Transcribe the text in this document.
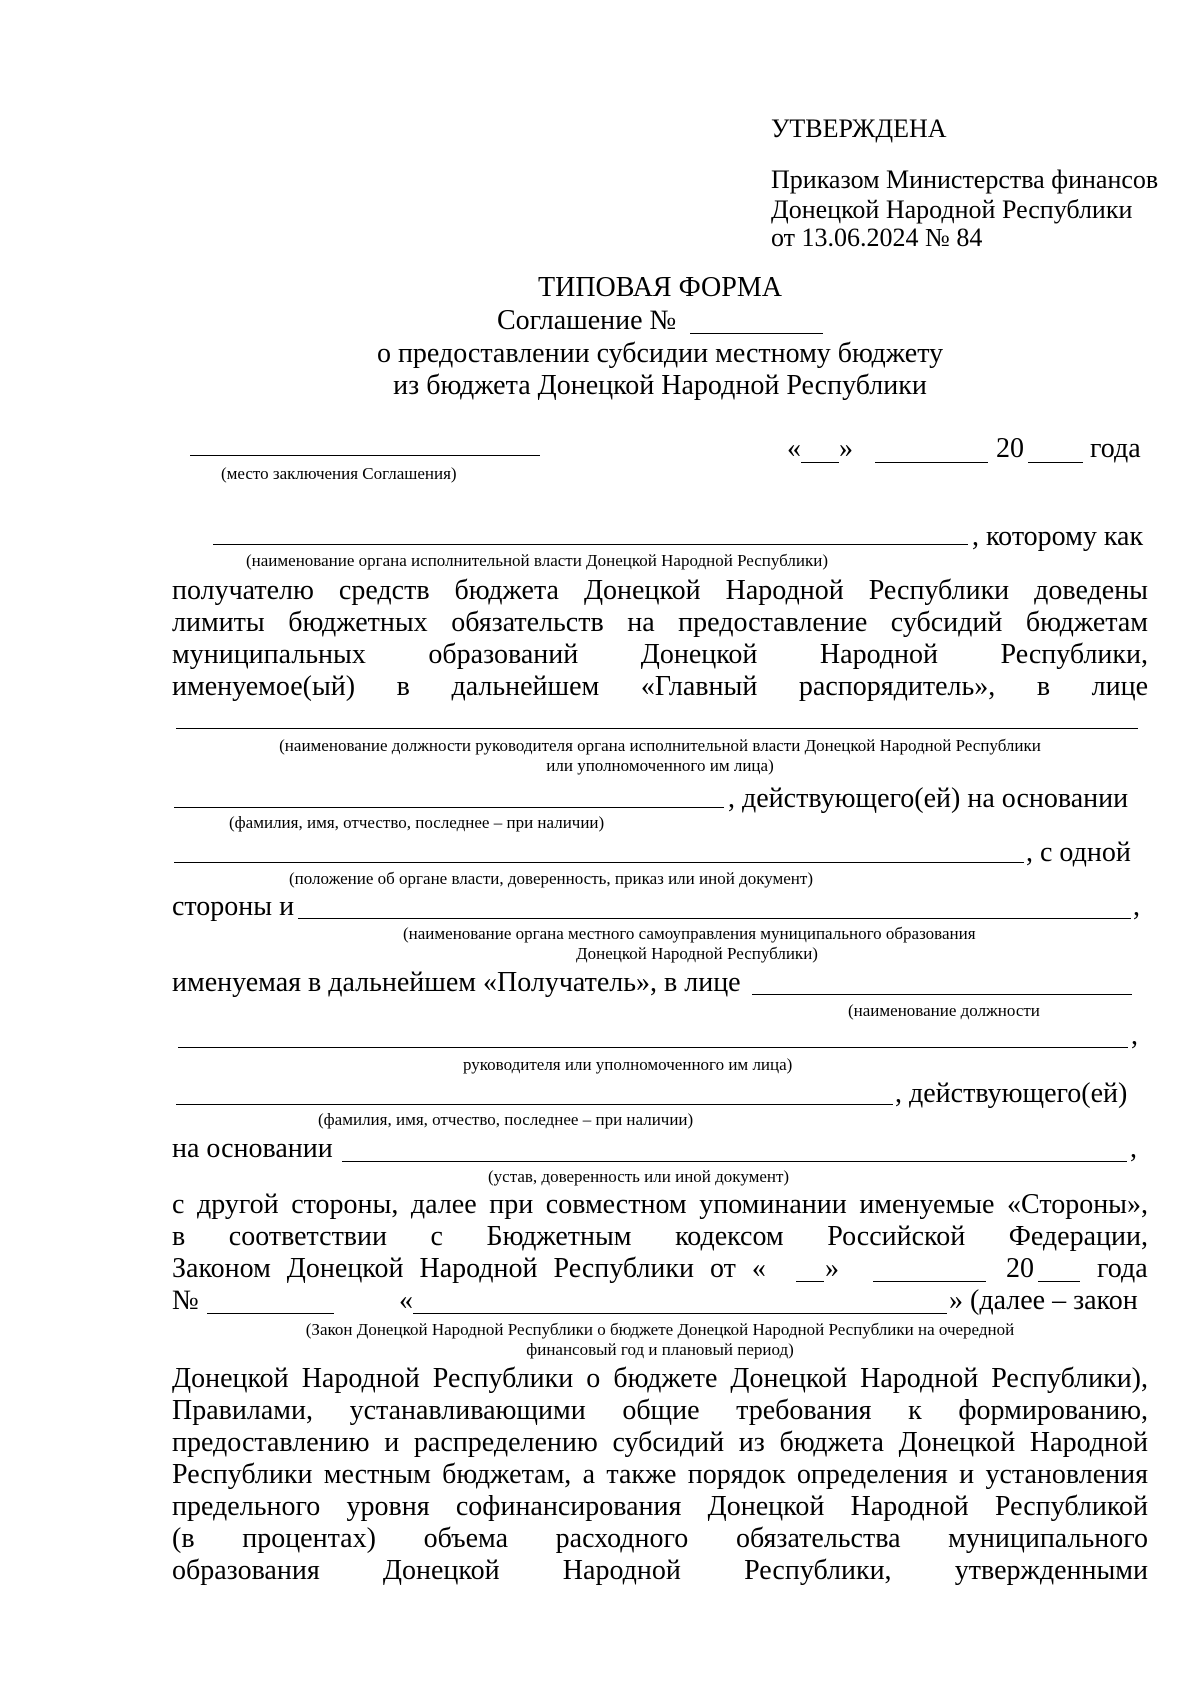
УТВЕРЖДЕНА
Приказом Министерства финансов
Донецкой Народной Республики
от 13.06.2024 № 84
ТИПОВАЯ ФОРМА
Соглашение №
о предоставлении субсидии местному бюджету
из бюджета Донецкой Народной Республики
(место заключения Соглашения)
« »	20 года
, которому как
(наименование органа исполнительной власти Донецкой Народной Республики)
получателю средств бюджета Донецкой Народной Республики доведены
лимиты бюджетных обязательств на предоставление субсидий бюджетам
муниципальных образований Донецкой Народной Республики,
именуемое(ый) в дальнейшем «Главный распорядитель», в лице
(наименование должности руководителя органа исполнительной власти Донецкой Народной Республики
или уполномоченного им лица)
, действующего(ей) на основании
(фамилия, имя, отчество, последнее – при наличии)
, с одной
(положение об органе власти, доверенность, приказ или иной документ)
стороны и	,
(наименование органа местного самоуправления муниципального образования
Донецкой Народной Республики)
именуемая в дальнейшем «Получатель», в лице
(наименование должности
,
руководителя или уполномоченного им лица)
, действующего(ей)
(фамилия, имя, отчество, последнее – при наличии)
на основании	,
(устав, доверенность или иной документ)
с другой стороны, далее при совместном упоминании именуемые «Стороны»,
в соответствии с Бюджетным кодексом Российской Федерации,
Законом Донецкой Народной Республики от « »	20 года
№	«	» (далее – закон
(Закон Донецкой Народной Республики о бюджете Донецкой Народной Республики на очередной
финансовый год и плановый период)
Донецкой Народной Республики о бюджете Донецкой Народной Республики),
Правилами, устанавливающими общие требования к формированию,
предоставлению и распределению субсидий из бюджета Донецкой Народной
Республики местным бюджетам, а также порядок определения и установления
предельного уровня софинансирования Донецкой Народной Республикой
(в процентах) объема расходного обязательства муниципального
образования Донецкой Народной Республики, утвержденными
